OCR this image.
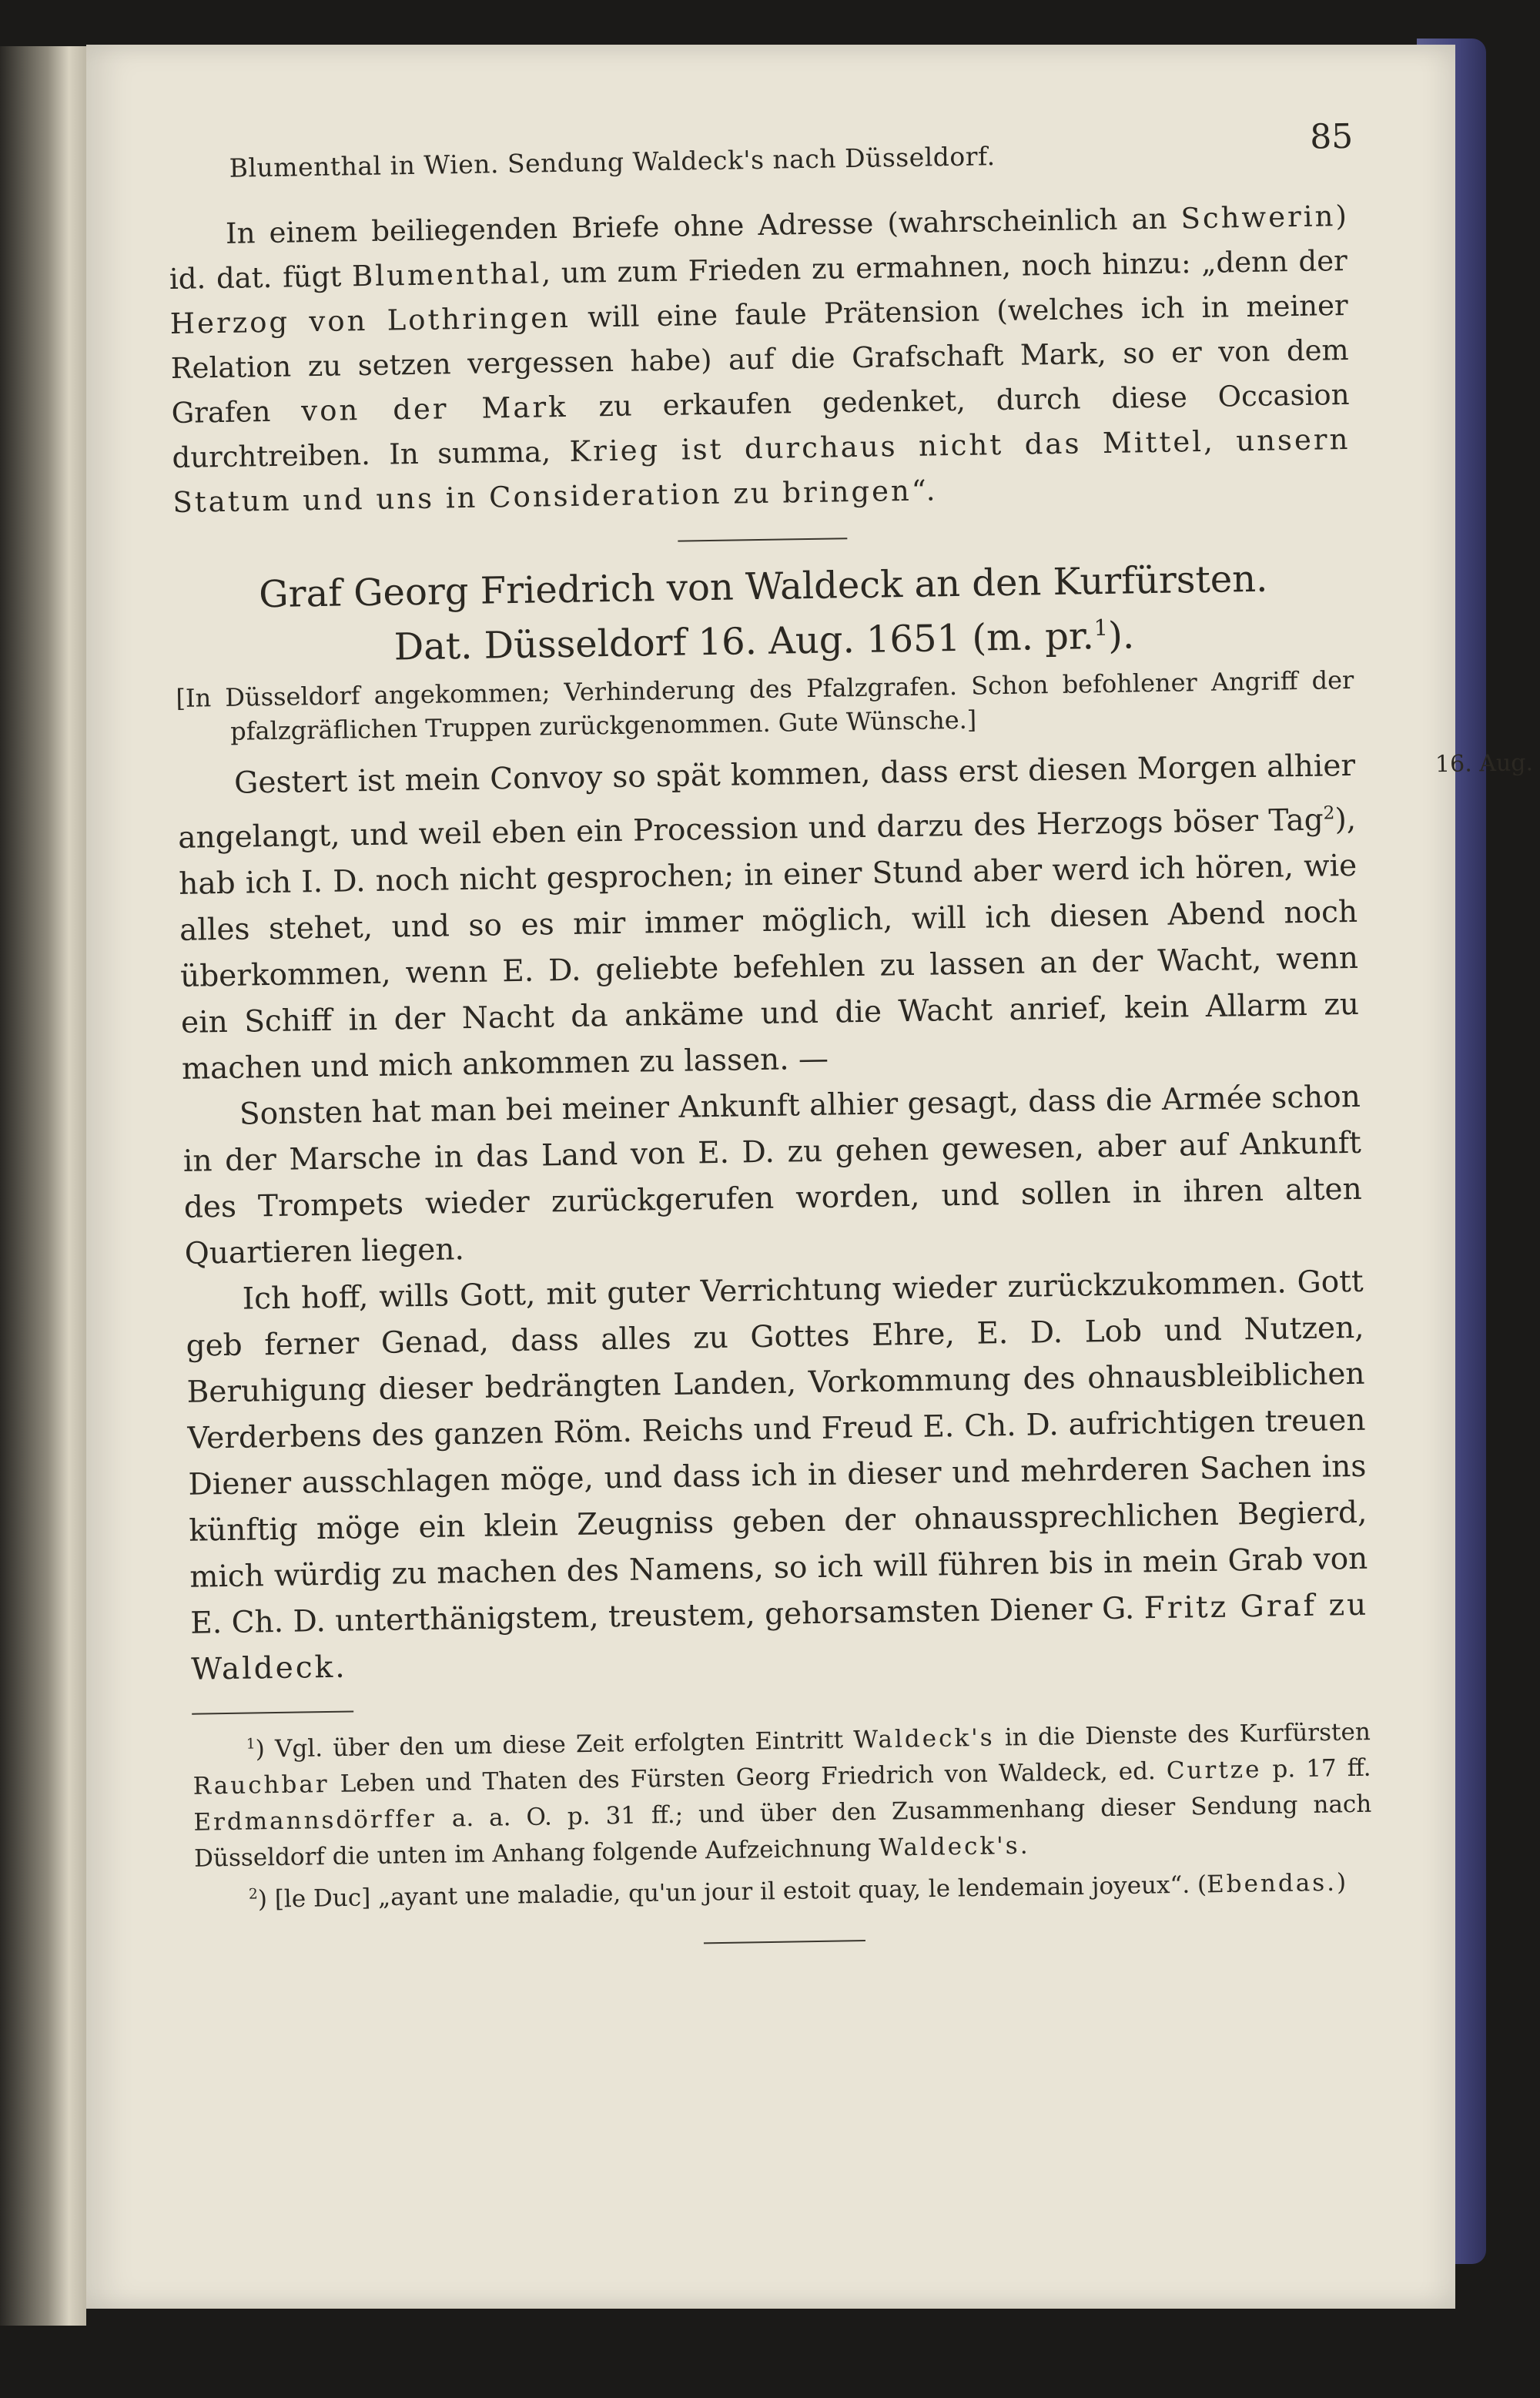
Blumenthal in Wien. Sendung Waldeck's nach Düsseldorf.
85

In einem beiliegenden Briefe ohne Adresse (wahrscheinlich an Schwerin) id. dat. fügt Blumenthal, um zum Frieden zu ermahnen, noch hinzu: „denn der Herzog von Lothringen will eine faule Prätension (welches ich in meiner Relation zu setzen vergessen habe) auf die Grafschaft Mark, so er von dem Grafen von der Mark zu erkaufen gedenket, durch diese Occasion durchtreiben. In summa, Krieg ist durchaus nicht das Mittel, unsern Statum und uns in Consideration zu bringen“.

Graf Georg Friedrich von Waldeck an den Kurfürsten.
Dat. Düsseldorf 16. Aug. 1651 (m. pr.$^1$).

[In Düsseldorf angekommen; Verhinderung des Pfalzgrafen. Schon befohlener Angriff der pfalzgräflichen Truppen zurückgenommen. Gute Wünsche.]

16. Aug.
Gestert ist mein Convoy so spät kommen, dass erst diesen Morgen alhier angelangt, und weil eben ein Procession und darzu des Herzogs böser Tag$^2$), hab ich I. D. noch nicht gesprochen; in einer Stund aber werd ich hören, wie alles stehet, und so es mir immer möglich, will ich diesen Abend noch überkommen, wenn E. D. geliebte befehlen zu lassen an der Wacht, wenn ein Schiff in der Nacht da ankäme und die Wacht anrief, kein Allarm zu machen und mich ankommen zu lassen. —

Sonsten hat man bei meiner Ankunft alhier gesagt, dass die Armée schon in der Marsche in das Land von E. D. zu gehen gewesen, aber auf Ankunft des Trompets wieder zurückgerufen worden, und sollen in ihren alten Quartieren liegen.

Ich hoff, wills Gott, mit guter Verrichtung wieder zurückzukommen. Gott geb ferner Genad, dass alles zu Gottes Ehre, E. D. Lob und Nutzen, Beruhigung dieser bedrängten Landen, Vorkommung des ohnausbleiblichen Verderbens des ganzen Röm. Reichs und Freud E. Ch. D. aufrichtigen treuen Diener ausschlagen möge, und dass ich in dieser und mehrderen Sachen ins künftig möge ein klein Zeugniss geben der ohnaussprechlichen Begierd, mich würdig zu machen des Namens, so ich will führen bis in mein Grab von E. Ch. D. unterthänigstem, treustem, gehorsamsten Diener G. Fritz Graf zu Waldeck.

$^1$) Vgl. über den um diese Zeit erfolgten Eintritt Waldeck's in die Dienste des Kurfürsten Rauchbar Leben und Thaten des Fürsten Georg Friedrich von Waldeck, ed. Curtze p. 17 ff. Erdmannsdörffer a. a. O. p. 31 ff.; und über den Zusammenhang dieser Sendung nach Düsseldorf die unten im Anhang folgende Aufzeichnung Waldeck's.

$^2$) [le Duc] „ayant une maladie, qu'un jour il estoit quay, le lendemain joyeux“. (Ebendas.)
